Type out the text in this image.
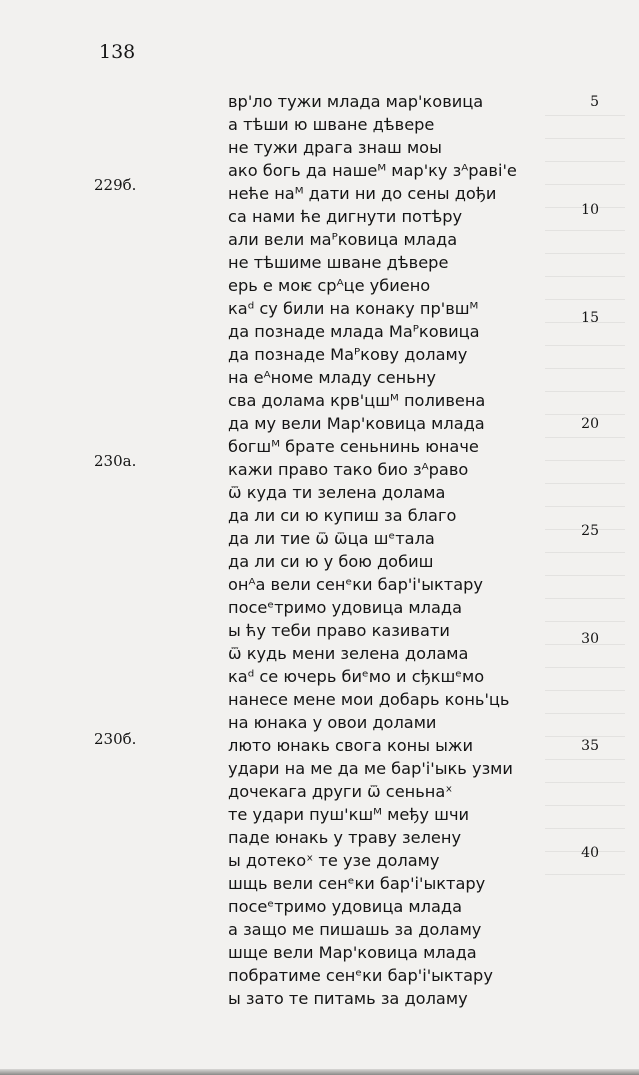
138
229б.
230а.
230б.
вр'ло тужи млада мар'ковица
а тѣши ю шване дѣвере
не тужи драга знаш моы
ако богь да нашеᴹ мар'ку зᴬраві'е
неће наᴹ дати ни до сены дођи
са нами ће дигнути потѣру
али вели маᴾковица млада
не тѣшиме шване дѣвере
ерь е моѥ срᴬце убиено
каᵈ су били на конаку пр'вшᴹ
да познаде млада Маᴾковица
да познаде Маᴾкову доламу
на еᴬноме младу сеньну
сва долама крв'цшᴹ поливена
да му вели Мар'ковица млада
богшᴹ брате сеньнинь юначе
кажи право тако био зᴬраво
ѿ куда ти зелена долама
да ли си ю купиш за благо
да ли тие ѿ ѿца шᵉтала
да ли си ю у бою добиш
онᴬа вели сенᵉки бар'і'ыктару
посеᵉтримо удовица млада
ы ћу теби право казивати
ѿ кудь мени зелена долама
каᵈ се ючерь биᵉмо и сђкшᵉмо
нанесе мене мои добарь конь'ць
на юнака у овои долами
люто юнакь свога коны ыжи
удари на ме да ме бар'і'ыкь узми
дочекага други ѿ сеньнаˣ
те удари пуш'кшᴹ међу шчи
паде юнакь у траву зелену
ы дотекоˣ те узе доламу
шщь вели сенᵉки бар'і'ыктару
посеᵉтримо удовица млада
а защо ме пишашь за доламу
шще вели Мар'ковица млада
побратиме сенᵉки бар'і'ыктару
ы зато те питамь за доламу
5
10
15
20
25
30
35
40
